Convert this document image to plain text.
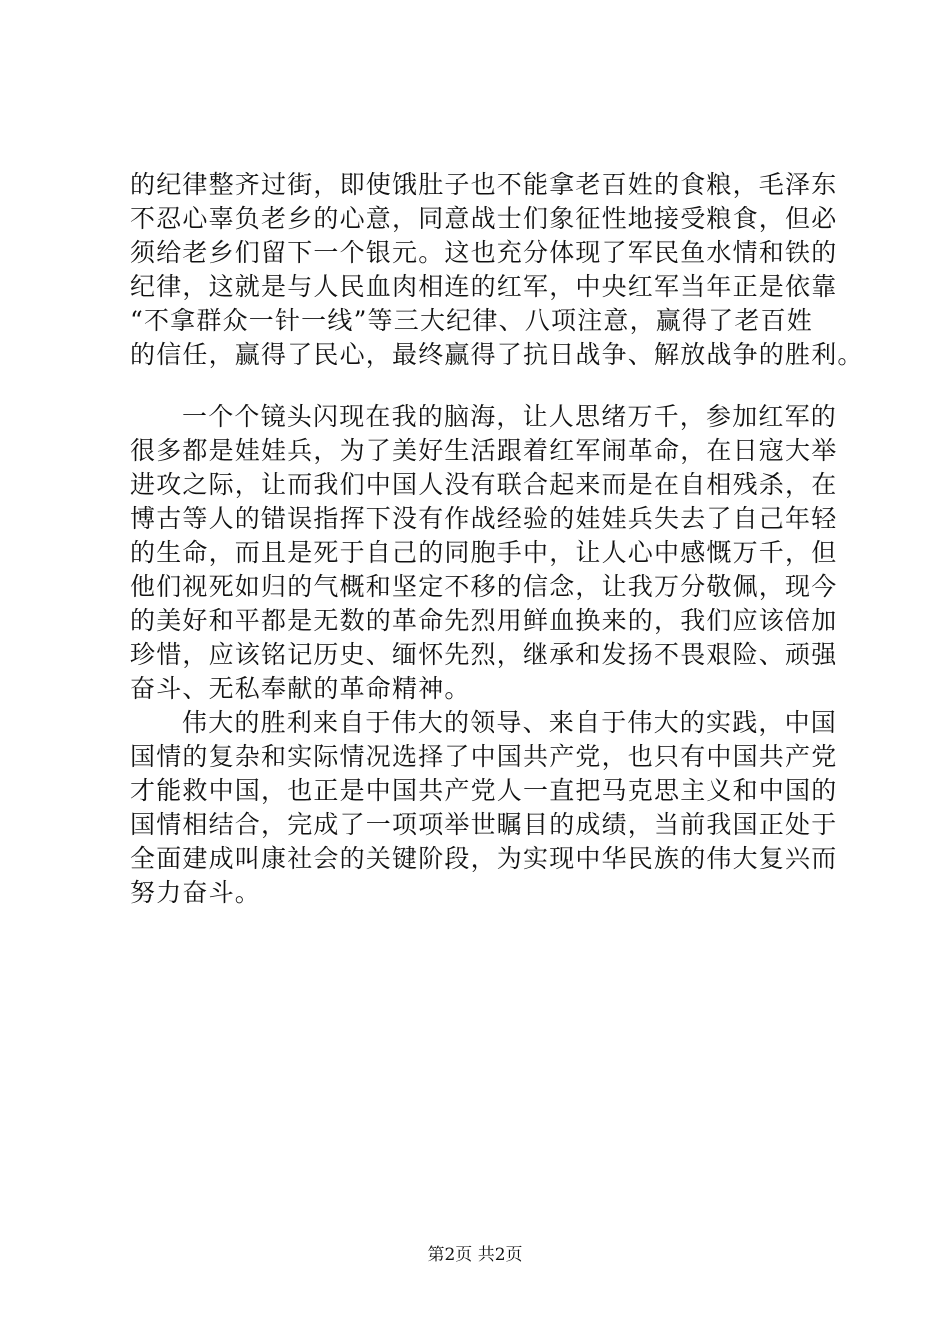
的纪律整齐过街，即使饿肚子也不能拿老百姓的食粮，毛泽东
不忍心辜负老乡的心意，同意战士们象征性地接受粮食，但必
须给老乡们留下一个银元。这也充分体现了军民鱼水情和铁的
纪律，这就是与人民血肉相连的红军，中央红军当年正是依靠
“不拿群众一针一线”等三大纪律、八项注意，赢得了老百姓
的信任，赢得了民心，最终赢得了抗日战争、解放战争的胜利。
一个个镜头闪现在我的脑海，让人思绪万千，参加红军的
很多都是娃娃兵，为了美好生活跟着红军闹革命，在日寇大举
进攻之际，让而我们中国人没有联合起来而是在自相残杀，在
博古等人的错误指挥下没有作战经验的娃娃兵失去了自己年轻
的生命，而且是死于自己的同胞手中，让人心中感慨万千，但
他们视死如归的气概和坚定不移的信念，让我万分敬佩，现今
的美好和平都是无数的革命先烈用鲜血换来的，我们应该倍加
珍惜，应该铭记历史、缅怀先烈，继承和发扬不畏艰险、顽强
奋斗、无私奉献的革命精神。
伟大的胜利来自于伟大的领导、来自于伟大的实践，中国
国情的复杂和实际情况选择了中国共产党，也只有中国共产党
才能救中国，也正是中国共产党人一直把马克思主义和中国的
国情相结合，完成了一项项举世瞩目的成绩，当前我国正处于
全面建成叫康社会的关键阶段，为实现中华民族的伟大复兴而
努力奋斗。
第2页 共2页
